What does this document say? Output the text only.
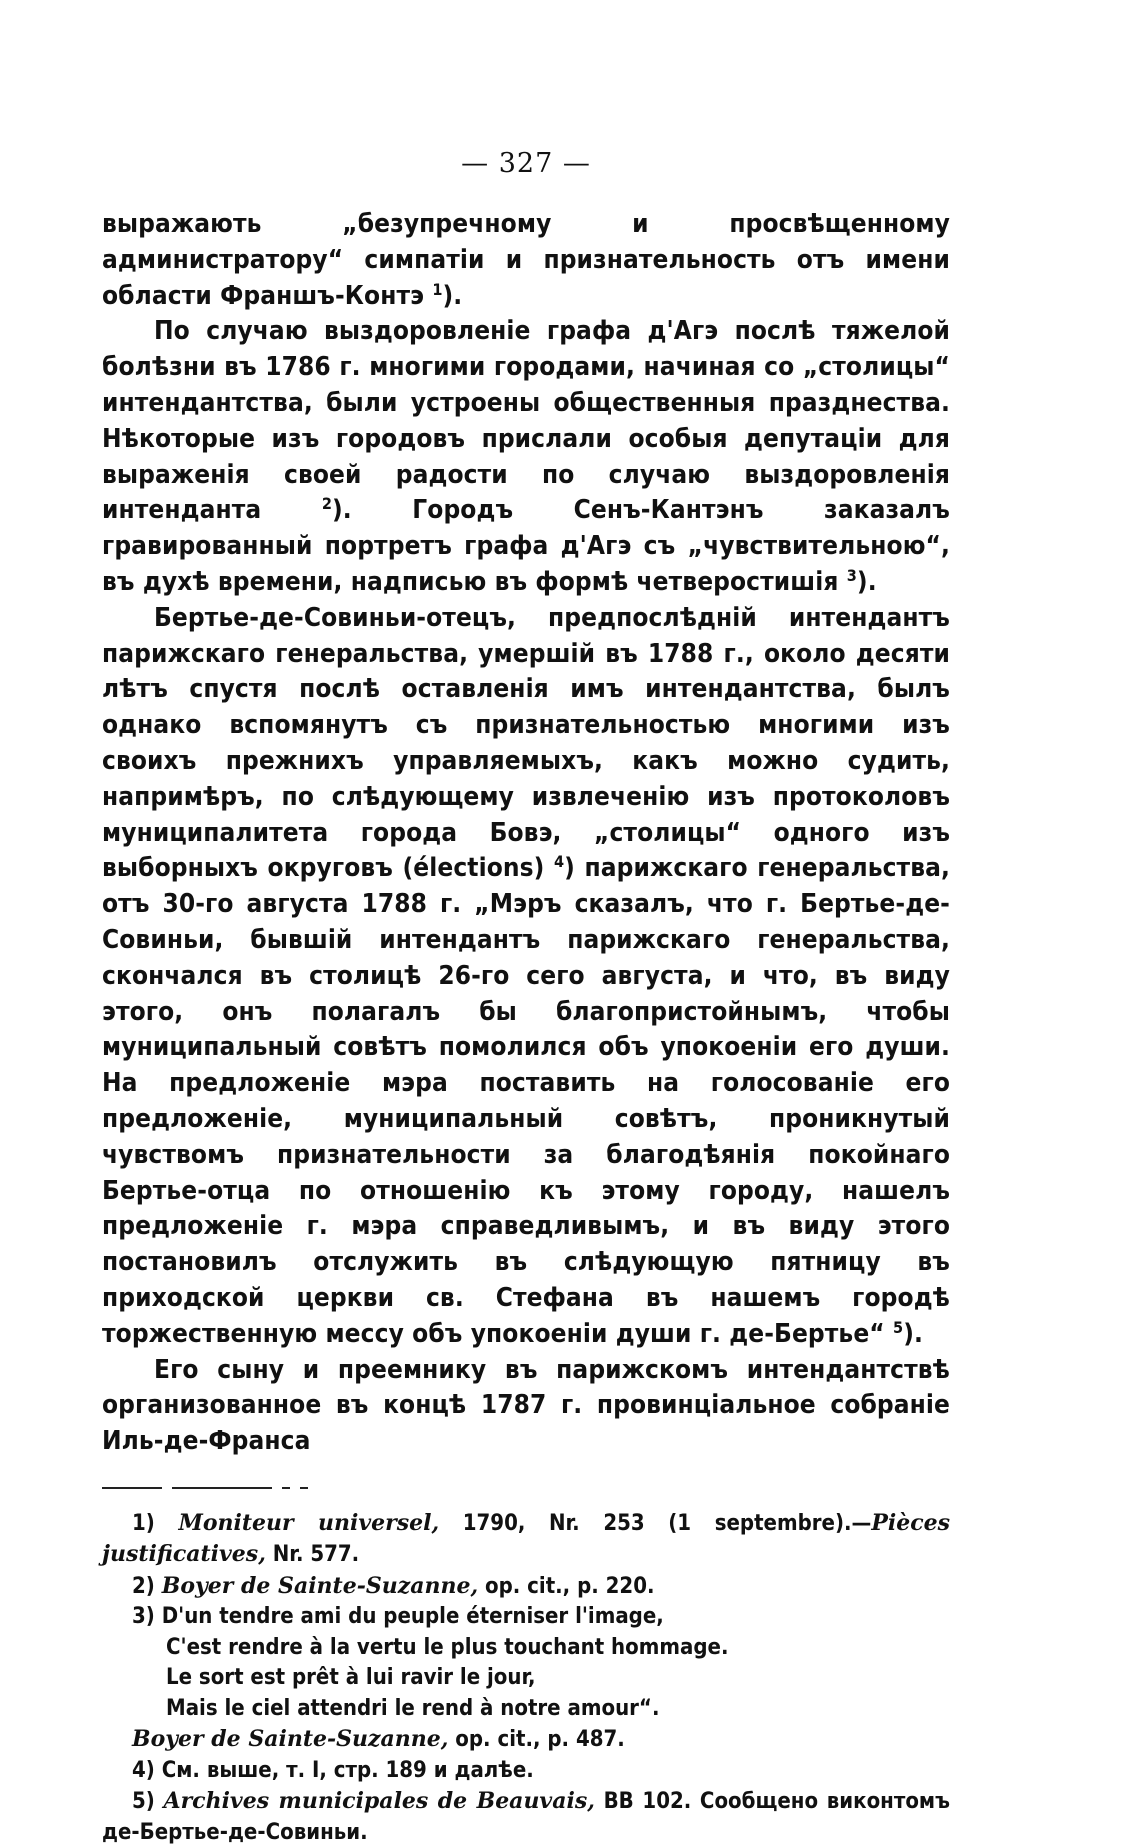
— 327 —

выражають „безупречному и просвѣщенному администратору“ симпатіи и признательность отъ имени области Франшъ-Контэ $^1$).

По случаю выздоровленіе графа д'Агэ послѣ тяжелой болѣзни въ 1786 г. многими городами, начиная со „столицы“ интендантства, были устроены общественныя празднества. Нѣкоторые изъ городовъ прислали особыя депутаціи для выраженія своей радости по случаю выздоровленія интенданта	$^2$). Городъ Сенъ-Кантэнъ заказалъ гравированный портретъ графа д'Агэ съ „чувствительною“, въ духѣ времени, надписью въ формѣ четверостишія $^3$).

Бертье-де-Совиньи-отецъ, предпослѣдній интендантъ парижскаго генеральства, умершій въ 1788 г., около десяти лѣтъ спустя послѣ оставленія имъ интендантства, былъ однако вспомянутъ съ признательностью многими изъ своихъ прежнихъ управляемыхъ, какъ можно судить, напримѣръ, по слѣдующему извлеченію изъ протоколовъ муниципалитета города Бовэ, „столицы“ одного изъ выборныхъ округовъ (élections) $^4$) парижскаго генеральства, отъ 30-го августа 1788 г. „Мэръ сказалъ, что г. Бертье-де-Совиньи, бывшій интендантъ парижскаго генеральства, скончался въ столицѣ 26-го сего августа, и что, въ виду этого, онъ полагалъ бы благопристойнымъ, чтобы муниципальный совѣтъ помолился объ упокоеніи его души. На предложеніе мэра поставить на голосованіе его предложеніе, муниципальный совѣтъ, проникнутый чувствомъ признательности за благодѣянія покойнаго Бертье-отца по отношенію къ этому городу, нашелъ предложеніе г. мэра справедливымъ, и въ виду этого постановилъ отслужить въ слѣдующую пятницу въ приходской церкви св. Стефана въ нашемъ городѣ торжественную мессу объ упокоеніи души г. де-Бертье“ $^5$).

Его сыну и преемнику въ парижскомъ интендантствѣ организованное въ концѣ 1787 г. провинціальное собраніе Иль-де-Франса

1) Moniteur universel, 1790, Nr. 253 (1 septembre).—Pièces justificatives, Nr. 577.

2) Boyer de Sainte-Suzanne, op. cit., p. 220.

3) D'un tendre ami du peuple éterniser l'image,

C'est rendre à la vertu le plus touchant hommage.

Le sort est prêt à lui ravir le jour,

Mais le ciel attendri le rend à notre amour“.

Boyer de Sainte-Suzanne, op. cit., p. 487.

4) См. выше, т. I, стр. 189 и далѣе.

5) Archives municipales de Beauvais, BB 102. Сообщено виконтомъ де-Бертье-де-Совиньи.
